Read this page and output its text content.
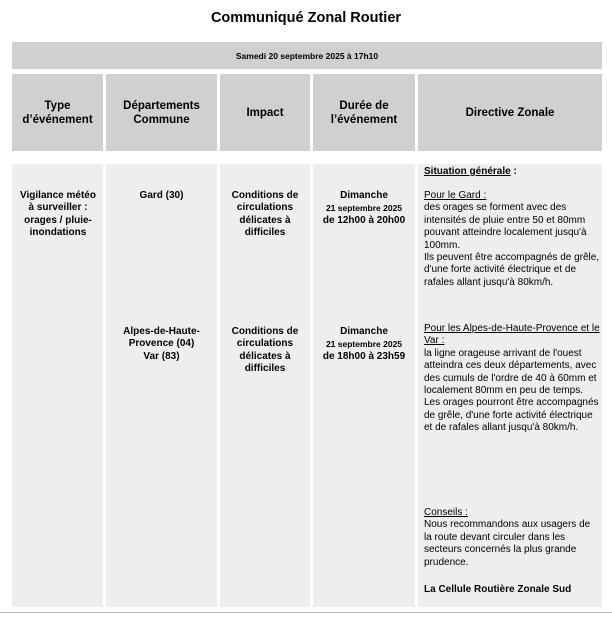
Communiqué Zonal Routier
Samedi 20 septembre 2025 à 17h10
Type d’événement
Départements Commune
Impact
Durée de l’événement
Directive Zonale
Vigilance météo à surveiller : orages / pluie-inondations
Gard (30)	Conditions de circulations délicates à difficiles
Dimanche
21 septembre 2025
de 12h00 à 20h00
Alpes-de-Haute-
Provence (04)
Var (83)
Conditions de circulations délicates à difficiles
Dimanche
21 septembre 2025
de 18h00 à 23h59
Situation générale :
Pour le Gard :
des orages se forment avec des intensités de pluie entre 50 et 80mm pouvant atteindre localement jusqu'à 100mm.
Ils peuvent être accompagnés de grêle, d'une forte activité électrique et de rafales allant jusqu'à 80km/h.
Pour les Alpes-de-Haute-Provence et le Var :
la ligne orageuse arrivant de l'ouest atteindra ces deux départements, avec des cumuls de l'ordre de 40 à 60mm et localement 80mm en peu de temps.
Les orages pourront être accompagnés de grêle, d'une forte activité électrique et de rafales allant jusqu'à 80km/h.
Conseils :
Nous recommandons aux usagers de la route devant circuler dans les secteurs concernés la plus grande prudence.
La Cellule Routière Zonale Sud
